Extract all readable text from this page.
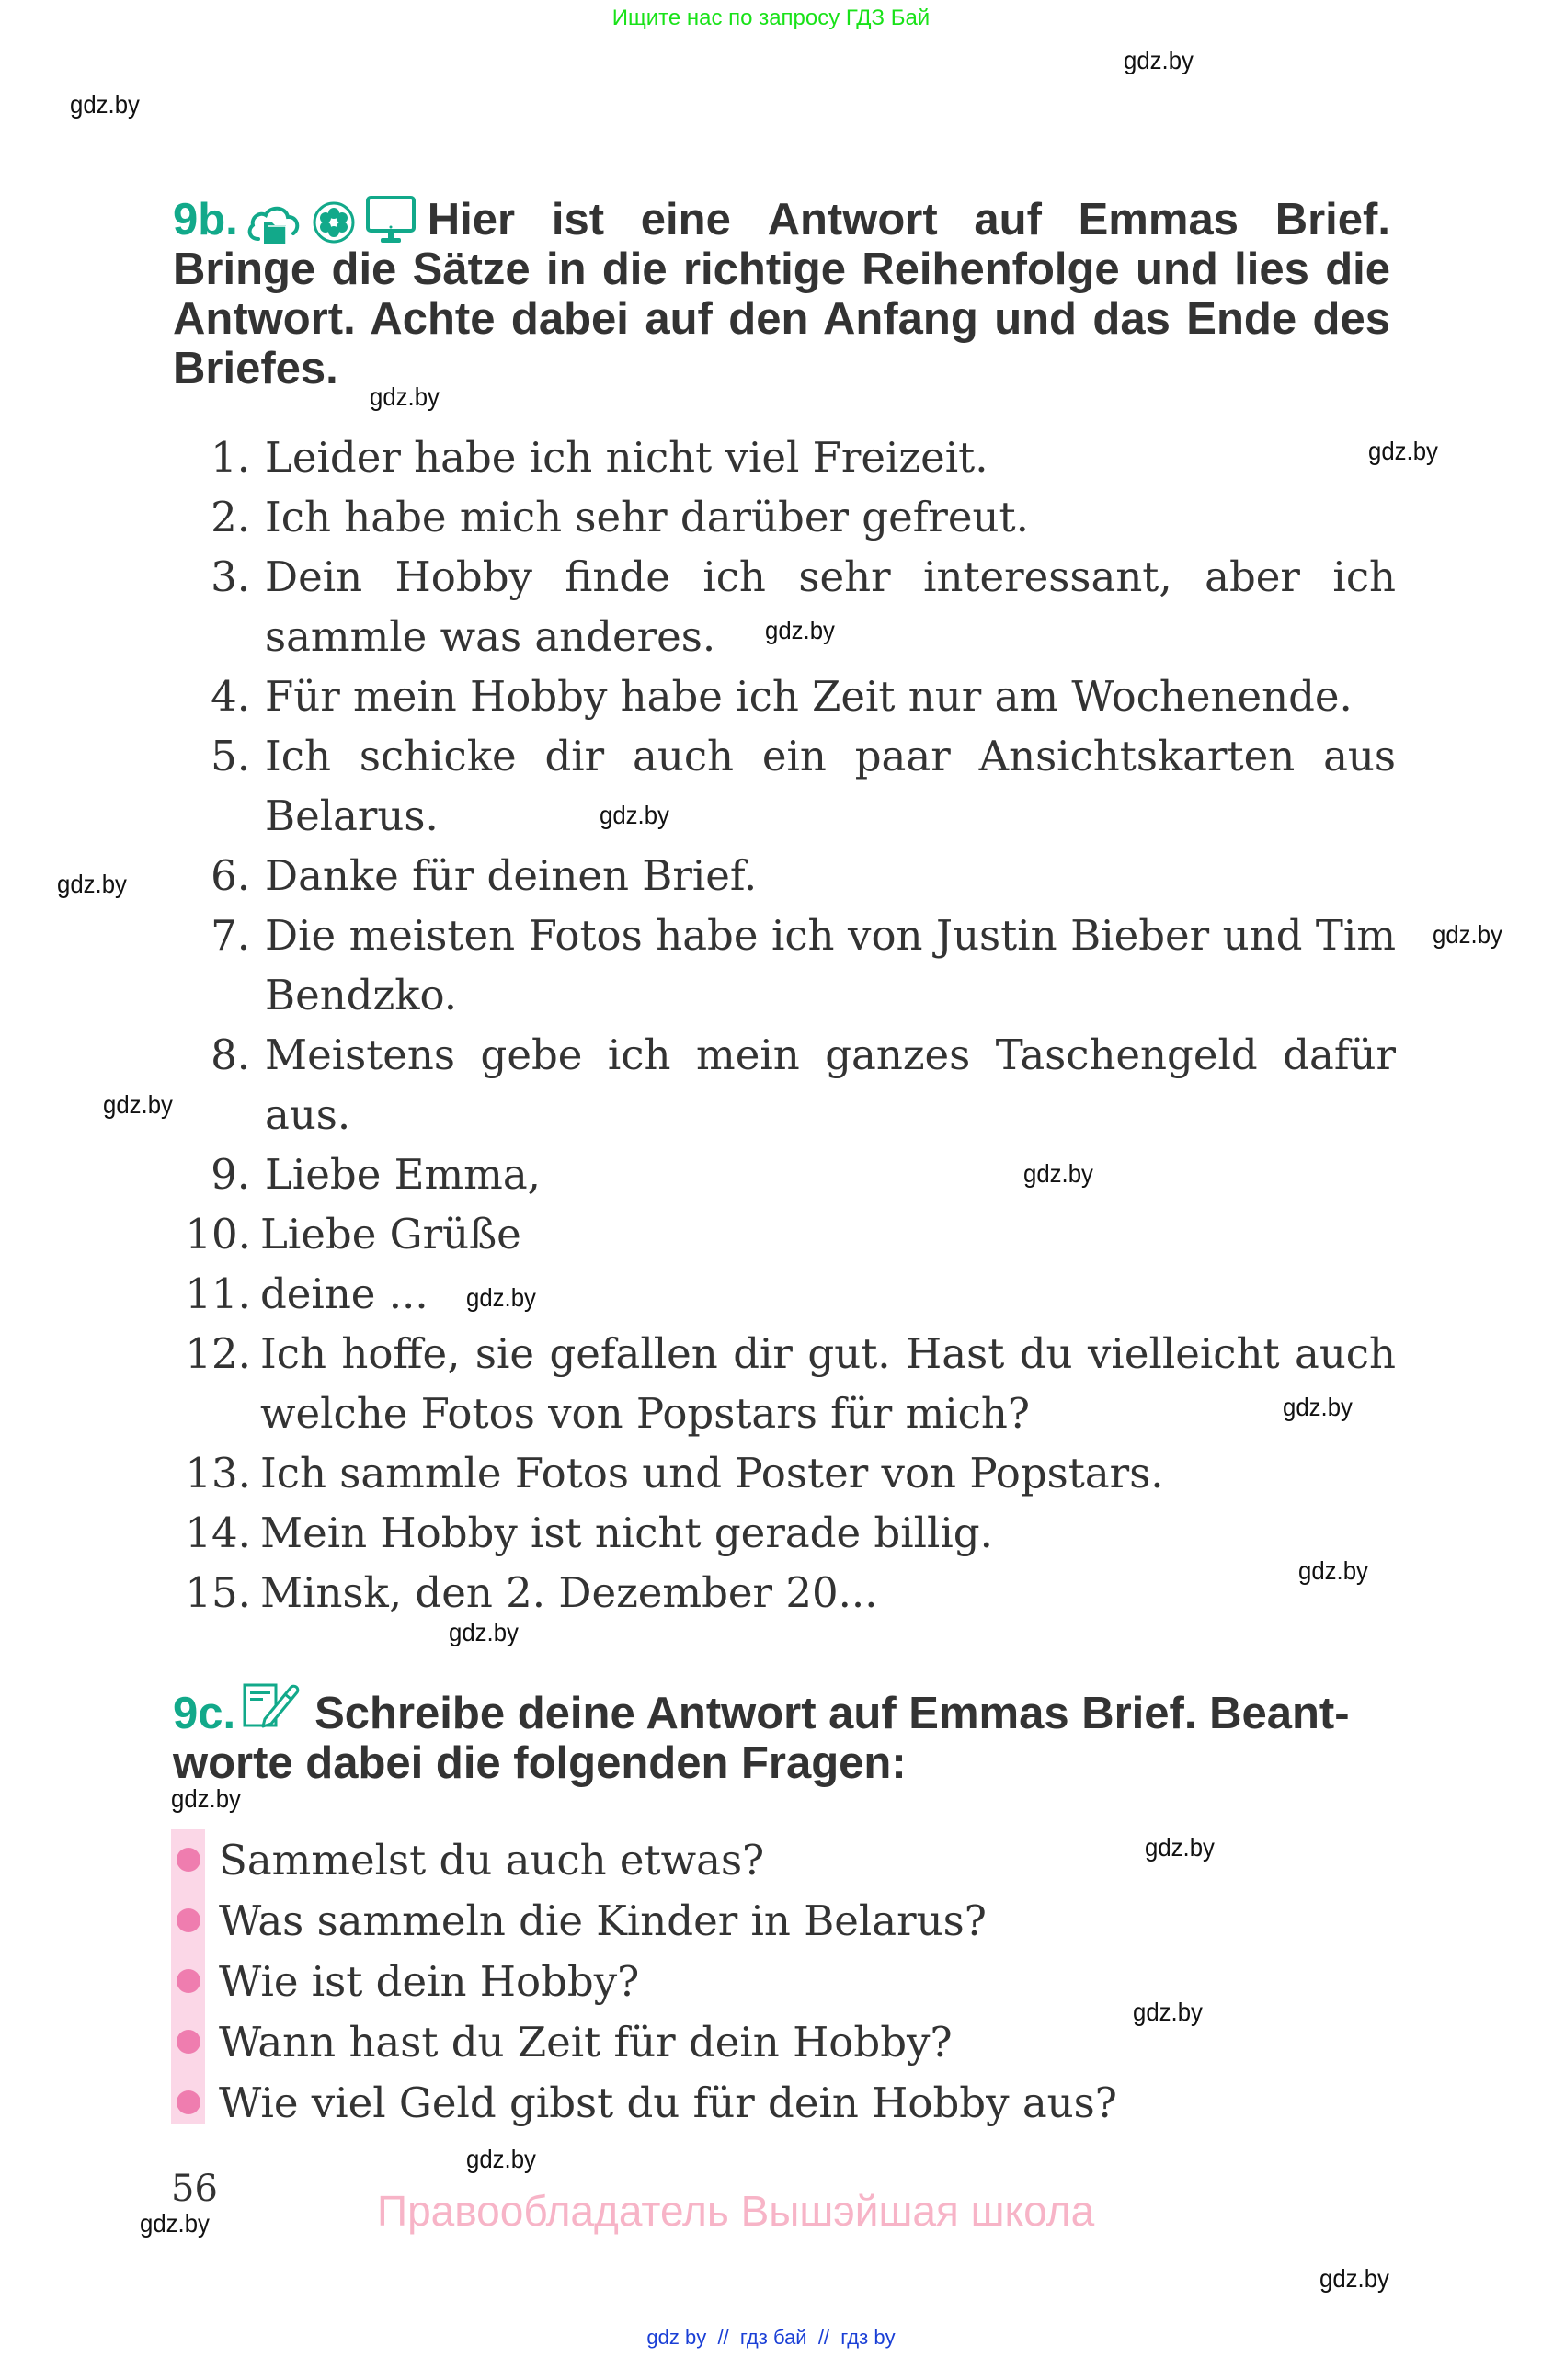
Ищите нас по запросу ГДЗ Бай
gdz.by
gdz.by
gdz.by
gdz.by
gdz.by
gdz.by
gdz.by
gdz.by
gdz.by
gdz.by
gdz.by
gdz.by
gdz.by
gdz.by
gdz.by
gdz.by
gdz.by
gdz.by
gdz.by
gdz.by
9b.	Hier ist eine Antwort auf Emmas Brief.
Bringe die Sätze in die richtige Reihenfolge und lies die
Antwort. Achte dabei auf den Anfang und das Ende des
Briefes.
1. Leider habe ich nicht viel Freizeit.
2. Ich habe mich sehr darüber gefreut.
3. Dein Hobby finde ich sehr interessant, aber ich sammle was anderes.
4. Für mein Hobby habe ich Zeit nur am Wochenende.
5. Ich schicke dir auch ein paar Ansichtskarten aus Belarus.
6. Danke für deinen Brief.
7. Die meisten Fotos habe ich von Justin Bieber und Tim Bendzko.
8. Meistens gebe ich mein ganzes Taschengeld dafür aus.
9. Liebe Emma,
10. Liebe Grüße
11. deine ...
12. Ich hoffe, sie gefallen dir gut. Hast du vielleicht auch welche Fotos von Popstars für mich?
13. Ich sammle Fotos und Poster von Popstars.
14. Mein Hobby ist nicht gerade billig.
15. Minsk, den 2. Dezember 20...
9c. Schreibe deine Antwort auf Emmas Brief. Beant-
worte dabei die folgenden Fragen:
Sammelst du auch etwas?
Was sammeln die Kinder in Belarus?
Wie ist dein Hobby?
Wann hast du Zeit für dein Hobby?
Wie viel Geld gibst du für dein Hobby aus?
56	Правообладатель Вышэйшая школа
gdz by  //  гдз бай  //  гдз by
